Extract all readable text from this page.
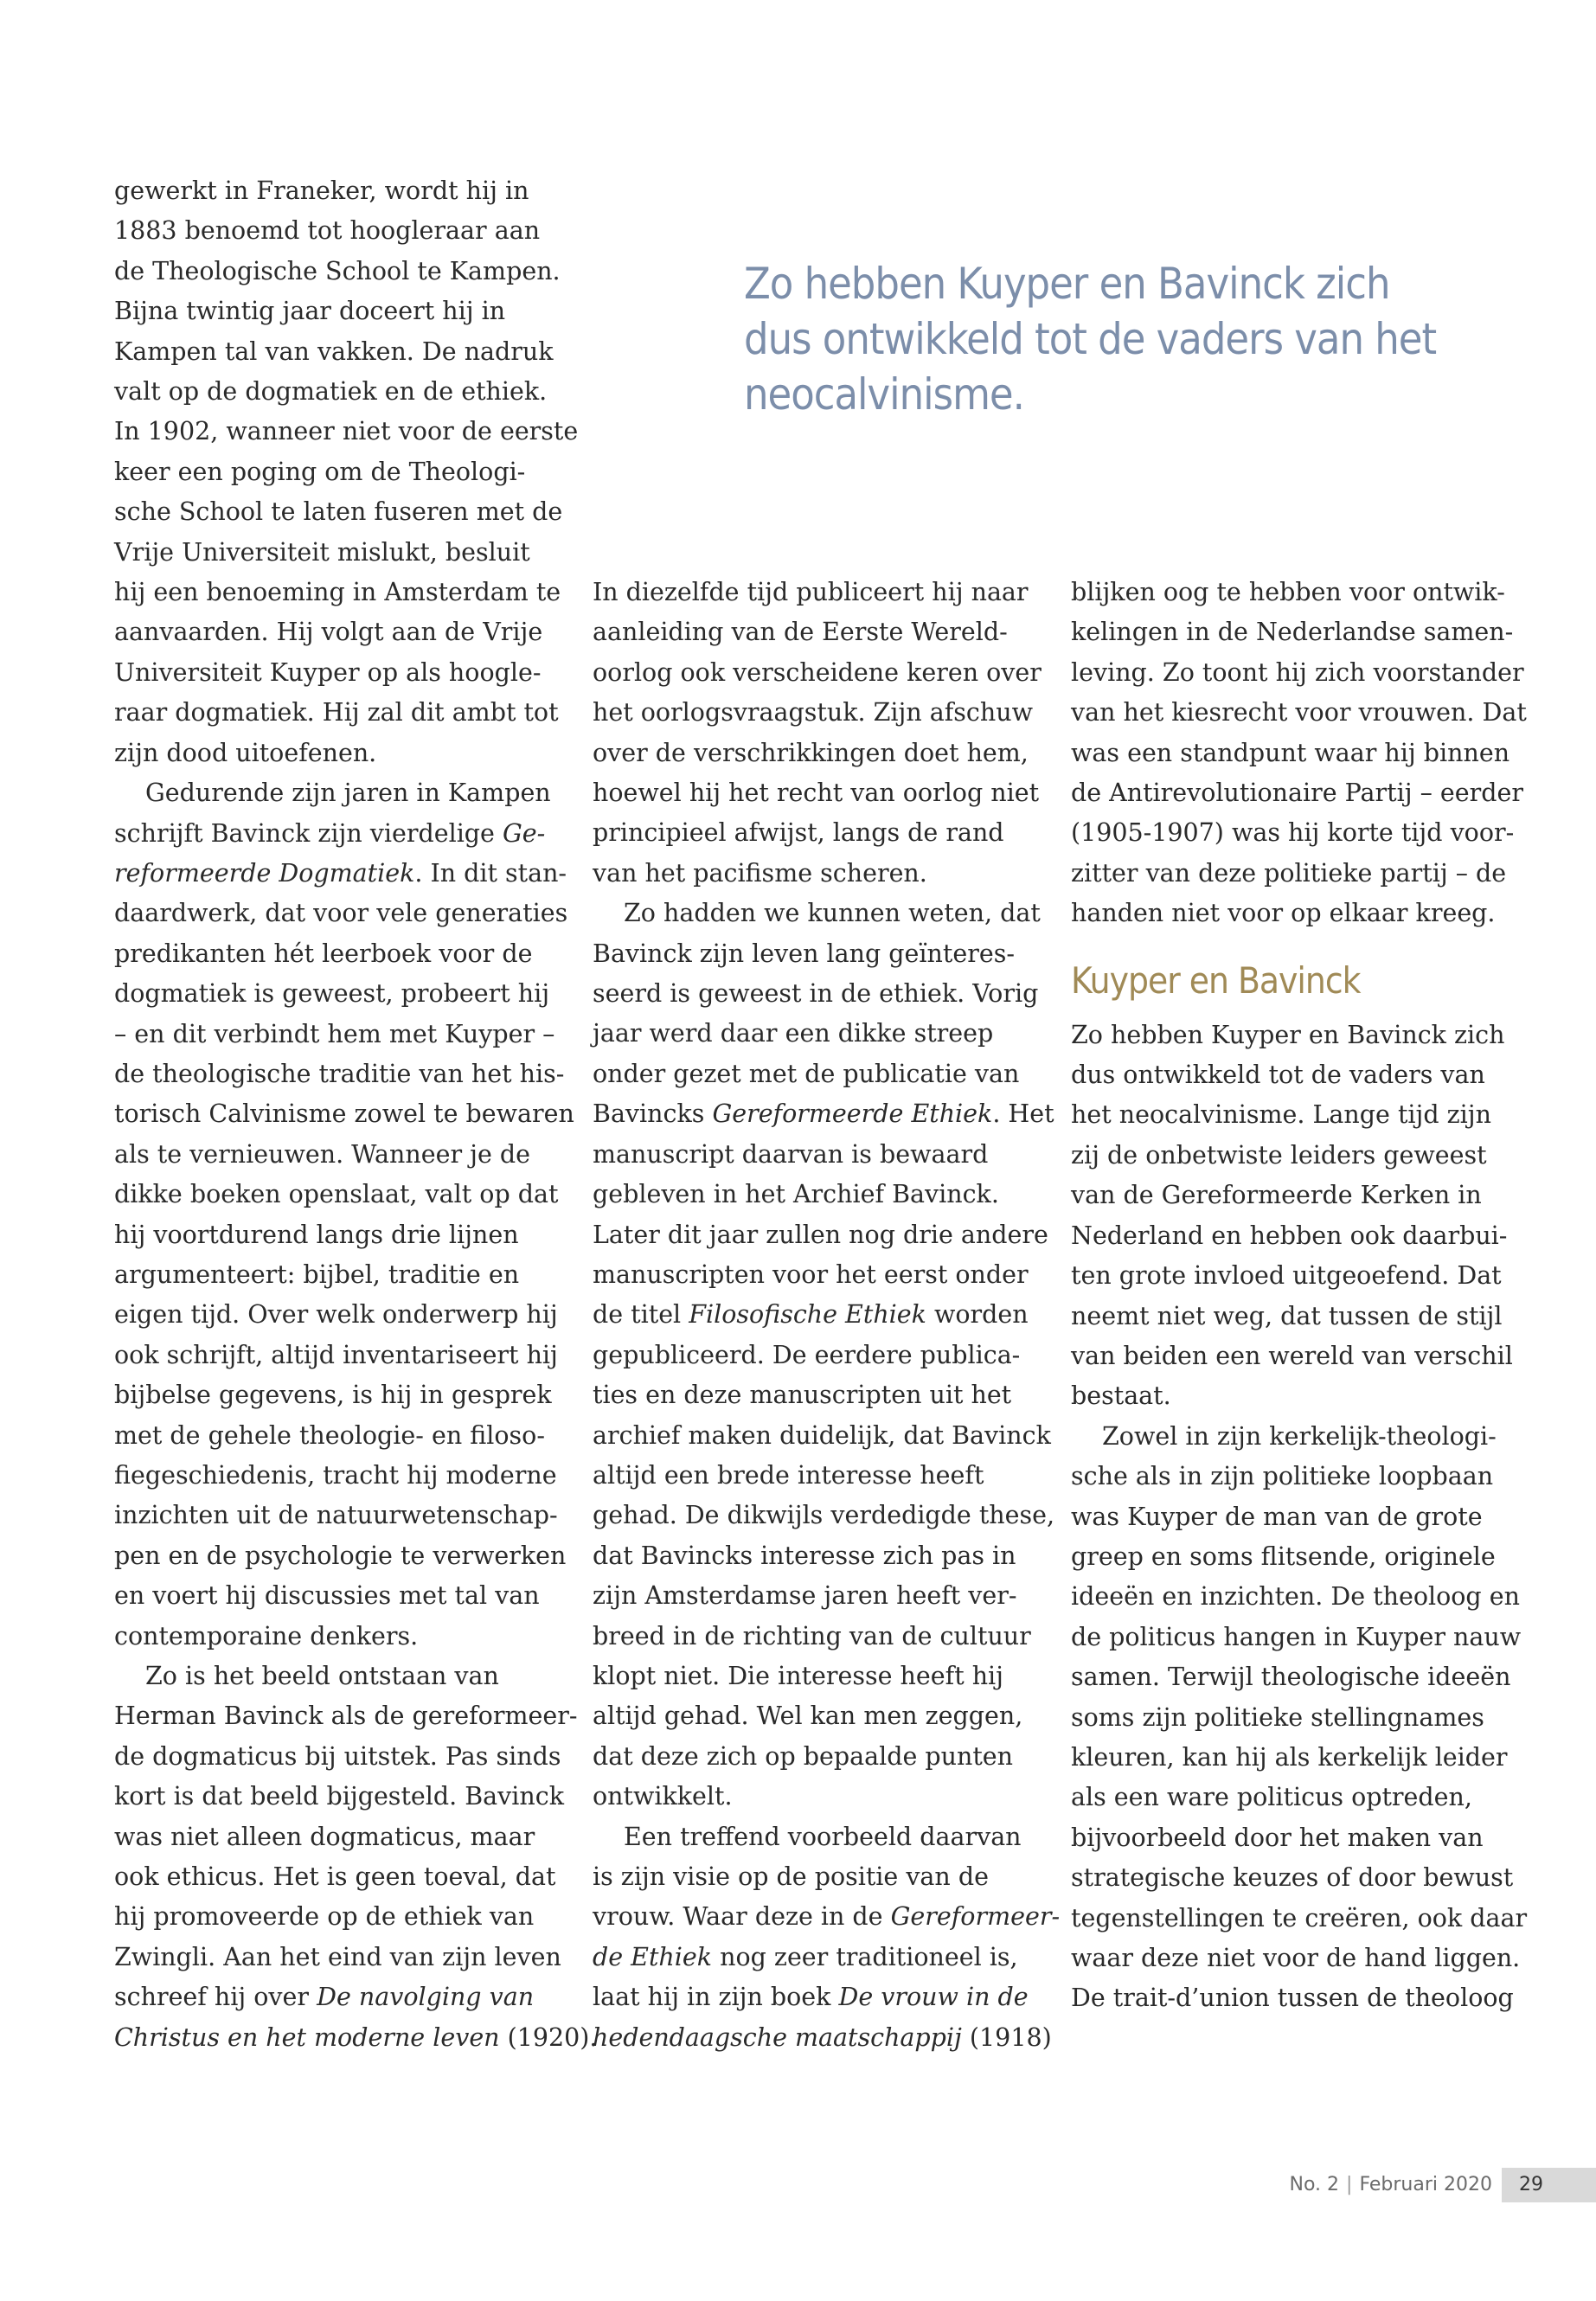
Zo hebben Kuyper en Bavinck zich
dus ontwikkeld tot de vaders van het
neocalvinisme.

gewerkt in Franeker, wordt hij in
1883 benoemd tot hoogleraar aan
de Theologische School te Kampen.
Bijna twintig jaar doceert hij in
Kampen tal van vakken. De nadruk
valt op de dogmatiek en de ethiek.
In 1902, wanneer niet voor de eerste
keer een poging om de Theologi-
sche School te laten fuseren met de
Vrije Universiteit mislukt, besluit
hij een benoeming in Amsterdam te
aanvaarden. Hij volgt aan de Vrije
Universiteit Kuyper op als hoogle-
raar dogmatiek. Hij zal dit ambt tot
zijn dood uitoefenen.

Gedurende zijn jaren in Kampen
schrijft Bavinck zijn vierdelige Ge-
reformeerde Dogmatiek. In dit stan-
daardwerk, dat voor vele generaties
predikanten hét leerboek voor de
dogmatiek is geweest, probeert hij
– en dit verbindt hem met Kuyper –
de theologische traditie van het his-
torisch Calvinisme zowel te bewaren
als te vernieuwen. Wanneer je de
dikke boeken openslaat, valt op dat
hij voortdurend langs drie lijnen
argumenteert: bijbel, traditie en
eigen tijd. Over welk onderwerp hij
ook schrijft, altijd inventariseert hij
bijbelse gegevens, is hij in gesprek
met de gehele theologie- en filoso-
fiegeschiedenis, tracht hij moderne
inzichten uit de natuurwetenschap-
pen en de psychologie te verwerken
en voert hij discussies met tal van
contemporaine denkers.

Zo is het beeld ontstaan van
Herman Bavinck als de gereformeer-
de dogmaticus bij uitstek. Pas sinds
kort is dat beeld bijgesteld. Bavinck
was niet alleen dogmaticus, maar
ook ethicus. Het is geen toeval, dat
hij promoveerde op de ethiek van
Zwingli. Aan het eind van zijn leven
schreef hij over De navolging van
Christus en het moderne leven (1920).

In diezelfde tijd publiceert hij naar
aanleiding van de Eerste Wereld-
oorlog ook verscheidene keren over
het oorlogsvraagstuk. Zijn afschuw
over de verschrikkingen doet hem,
hoewel hij het recht van oorlog niet
principieel afwijst, langs de rand
van het pacifisme scheren.

Zo hadden we kunnen weten, dat
Bavinck zijn leven lang geïnteres-
seerd is geweest in de ethiek. Vorig
jaar werd daar een dikke streep
onder gezet met de publicatie van
Bavincks Gereformeerde Ethiek. Het
manuscript daarvan is bewaard
gebleven in het Archief Bavinck.
Later dit jaar zullen nog drie andere
manuscripten voor het eerst onder
de titel Filosofische Ethiek worden
gepubliceerd. De eerdere publica-
ties en deze manuscripten uit het
archief maken duidelijk, dat Bavinck
altijd een brede interesse heeft
gehad. De dikwijls verdedigde these,
dat Bavincks interesse zich pas in
zijn Amsterdamse jaren heeft ver-
breed in de richting van de cultuur
klopt niet. Die interesse heeft hij
altijd gehad. Wel kan men zeggen,
dat deze zich op bepaalde punten
ontwikkelt.

Een treffend voorbeeld daarvan
is zijn visie op de positie van de
vrouw. Waar deze in de Gereformeer-
de Ethiek nog zeer traditioneel is,
laat hij in zijn boek De vrouw in de
hedendaagsche maatschappij (1918)

blijken oog te hebben voor ontwik-
kelingen in de Nederlandse samen-
leving. Zo toont hij zich voorstander
van het kiesrecht voor vrouwen. Dat
was een standpunt waar hij binnen
de Antirevolutionaire Partij – eerder
(1905-1907) was hij korte tijd voor-
zitter van deze politieke partij – de
handen niet voor op elkaar kreeg.

Kuyper en Bavinck

Zo hebben Kuyper en Bavinck zich
dus ontwikkeld tot de vaders van
het neocalvinisme. Lange tijd zijn
zij de onbetwiste leiders geweest
van de Gereformeerde Kerken in
Nederland en hebben ook daarbui-
ten grote invloed uitgeoefend. Dat
neemt niet weg, dat tussen de stijl
van beiden een wereld van verschil
bestaat.

Zowel in zijn kerkelijk-theologi-
sche als in zijn politieke loopbaan
was Kuyper de man van de grote
greep en soms flitsende, originele
ideeën en inzichten. De theoloog en
de politicus hangen in Kuyper nauw
samen. Terwijl theologische ideeën
soms zijn politieke stellingnames
kleuren, kan hij als kerkelijk leider
als een ware politicus optreden,
bijvoorbeeld door het maken van
strategische keuzes of door bewust
tegenstellingen te creëren, ook daar
waar deze niet voor de hand liggen.
De trait-d’union tussen de theoloog

No. 2 | Februari 2020 29
